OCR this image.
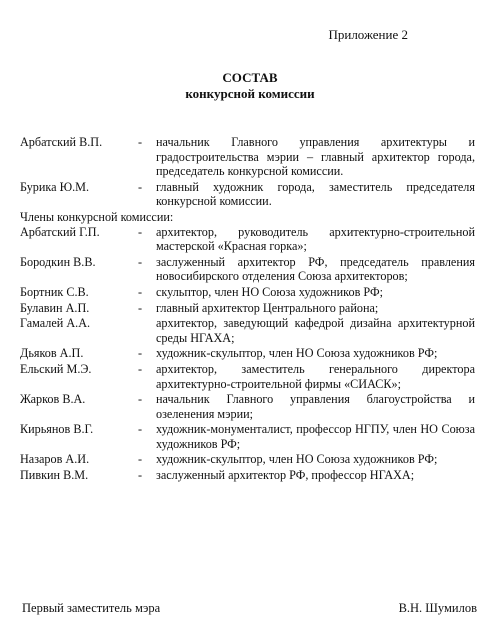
Приложение 2
СОСТАВ
конкурсной комиссии
Арбатский В.П.	-	начальник Главного управления архитектуры и градостроительства мэрии – главный архитектор города, председатель конкурсной комиссии.
Бурика Ю.М.	-	главный художник города, заместитель председателя конкурсной комиссии.
Члены конкурсной комиссии:
Арбатский Г.П.	-	архитектор, руководитель архитектурно-строительной мастерской «Красная горка»;
Бородкин В.В.	-	заслуженный архитектор РФ, председатель правления новосибирского отделения Союза архитекторов;
Бортник С.В.	-	скульптор, член НО Союза художников РФ;
Булавин А.П.	-	главный архитектор Центрального района;
Гамалей А.А.	архитектор, заведующий кафедрой дизайна архитектурной среды НГАХА;
Дьяков А.П.	-	художник-скульптор, член НО Союза художников РФ;
Ельский М.Э.	-	архитектор, заместитель генерального директора архитектурно-строительной фирмы «СИАСК»;
Жарков В.А.	-	начальник Главного управления благоустройства и озеленения мэрии;
Кирьянов В.Г.	-	художник-монументалист, профессор НГПУ, член НО Союза художников РФ;
Назаров А.И.	-	художник-скульптор, член НО Союза художников РФ;
Пивкин В.М.	-	заслуженный архитектор РФ, профессор НГАХА;
Первый заместитель мэра	В.Н. Шумилов
